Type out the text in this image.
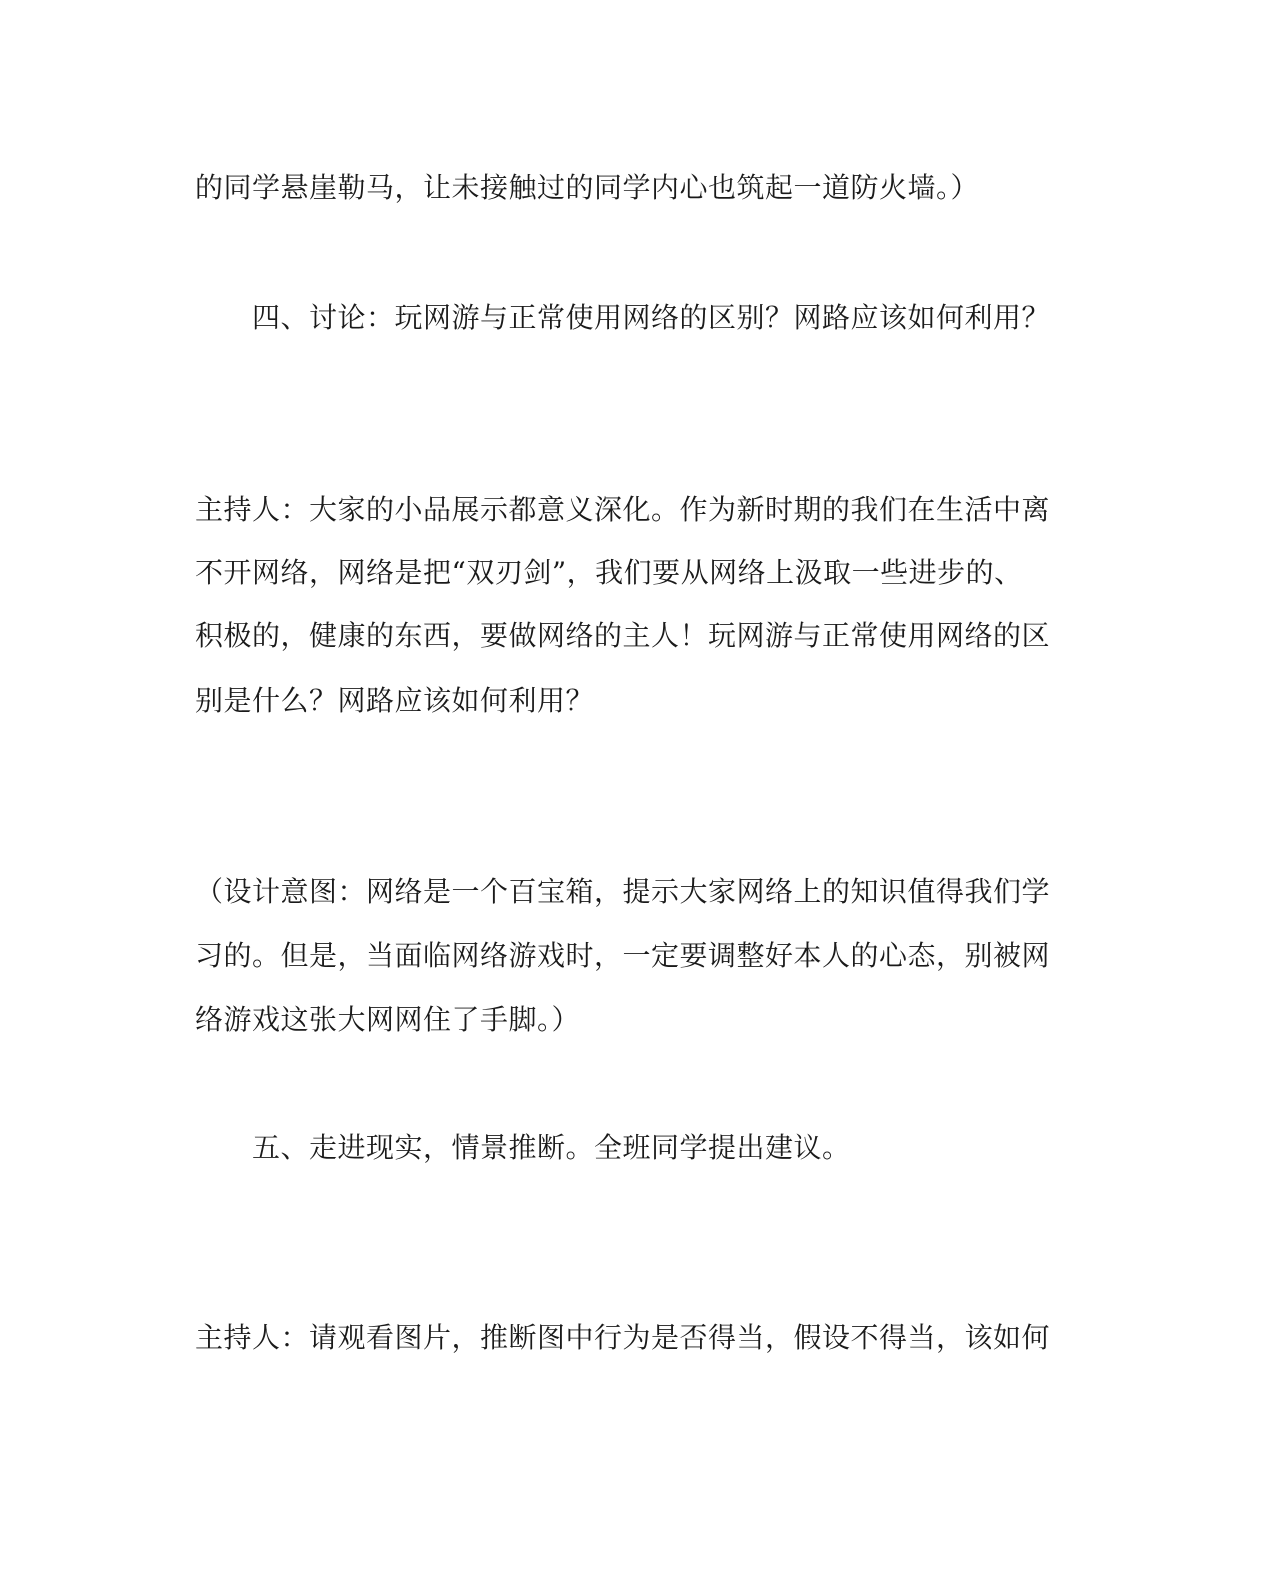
的同学悬崖勒马，让未接触过的同学内心也筑起一道防火墙。）
四、讨论：玩网游与正常使用网络的区别？网路应该如何利用？
主持人：大家的小品展示都意义深化。作为新时期的我们在生活中离
不开网络，网络是把“双刃剑”，我们要从网络上汲取一些进步的、
积极的，健康的东西，要做网络的主人！玩网游与正常使用网络的区
别是什么？网路应该如何利用？
（设计意图：网络是一个百宝箱，提示大家网络上的知识值得我们学
习的。但是，当面临网络游戏时，一定要调整好本人的心态，别被网
络游戏这张大网网住了手脚。）
五、走进现实，情景推断。全班同学提出建议。
主持人：请观看图片，推断图中行为是否得当，假设不得当，该如何
